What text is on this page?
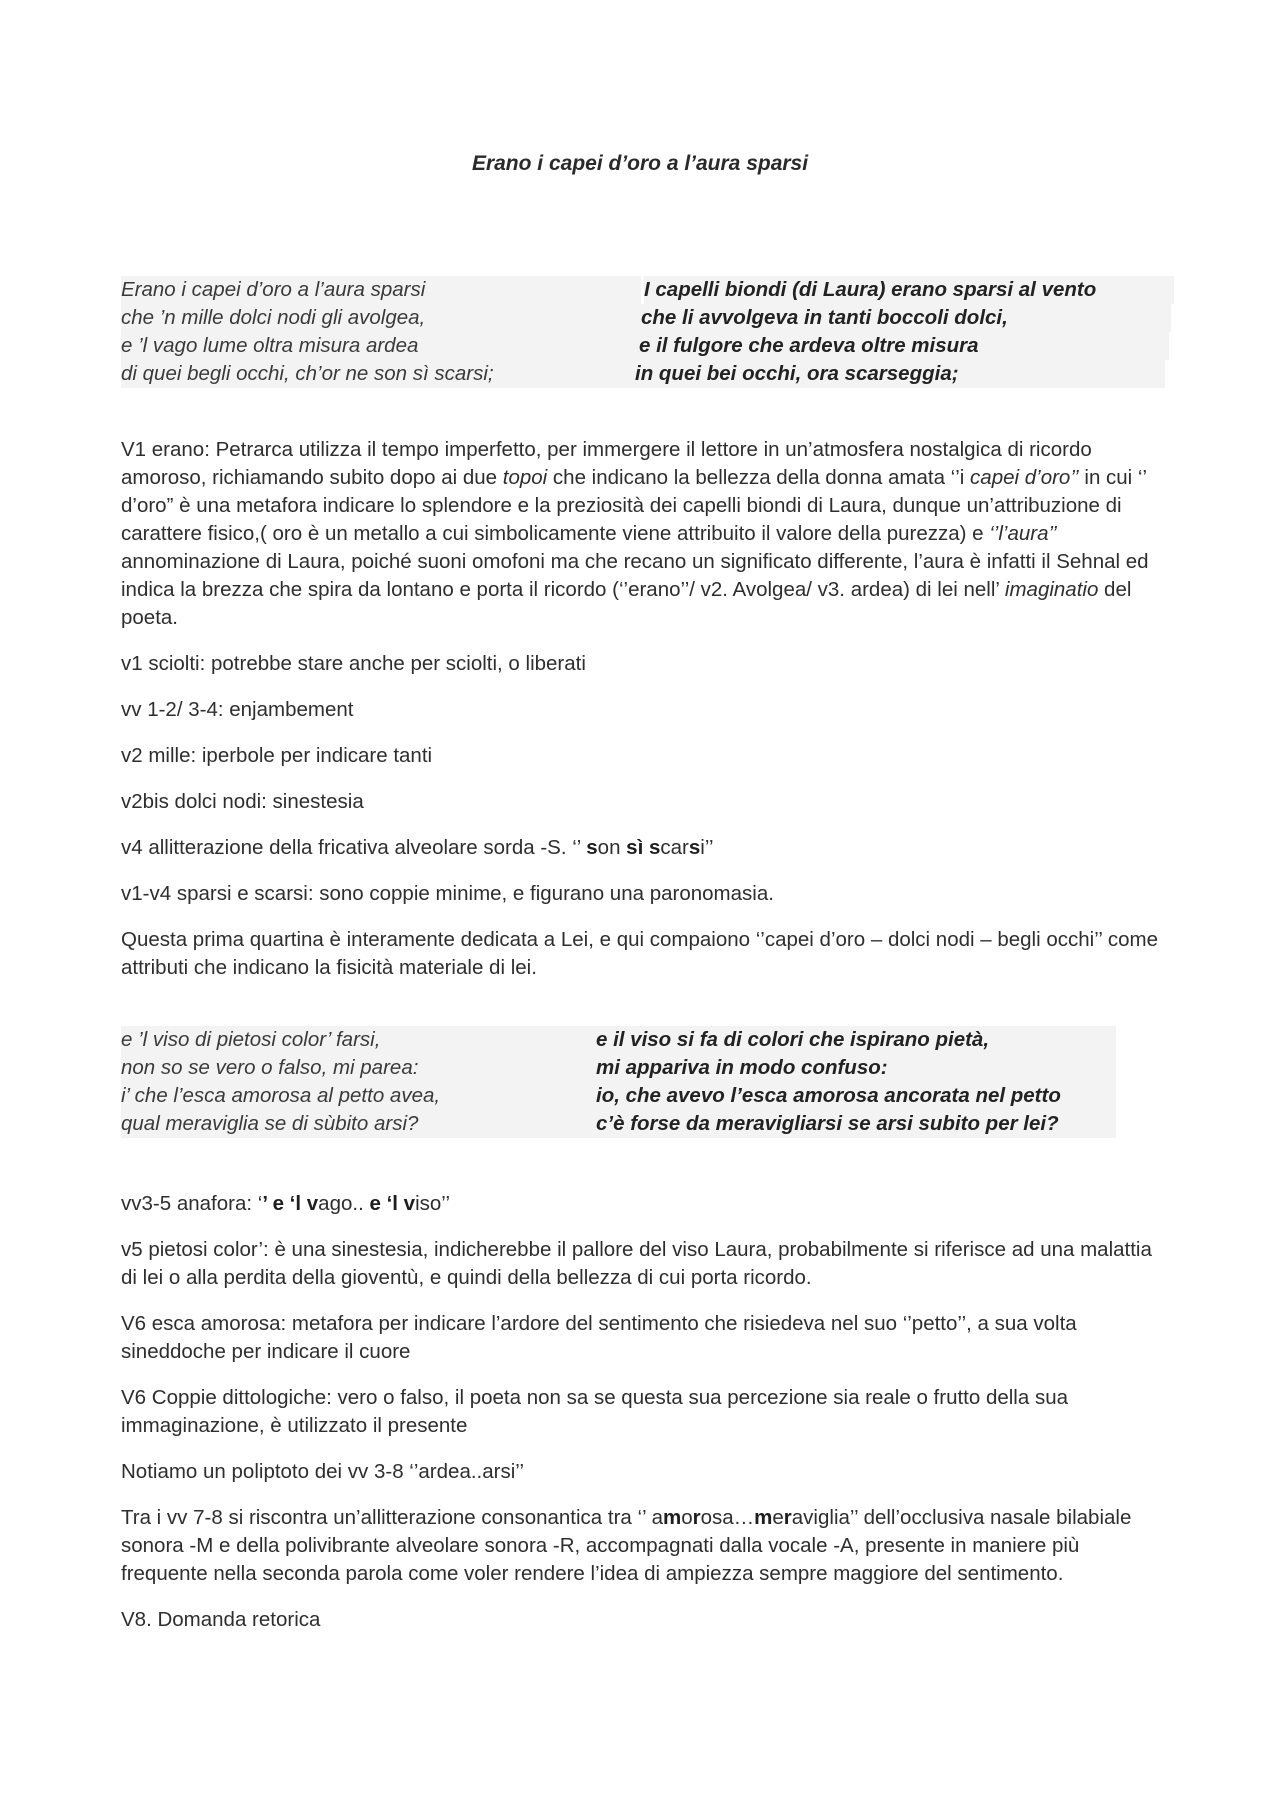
Erano i capei d’oro a l’aura sparsi
Erano i capei d’oro a l’aura sparsi	I capelli biondi (di Laura) erano sparsi al vento
che ’n mille dolci nodi gli avolgea,	che li avvolgeva in tanti boccoli dolci,
e ’l vago lume oltra misura ardea	e il fulgore che ardeva oltre misura
di quei begli occhi, ch’or ne son sì scarsi;	in quei bei occhi, ora scarseggia;

V1 erano: Petrarca utilizza il tempo imperfetto, per immergere il lettore in un’atmosfera nostalgica di ricordo amoroso, richiamando subito dopo ai due topoi che indicano la bellezza della donna amata ‘’i capei d’oro’’ in cui ‘’ d’oro” è una metafora indicare lo splendore e la preziosità dei capelli biondi di Laura, dunque un’attribuzione di carattere fisico,( oro è un metallo a cui simbolicamente viene attribuito il valore della purezza) e ‘’l’aura’’ annominazione di Laura, poiché suoni omofoni ma che recano un significato differente, l’aura è infatti il Sehnal ed indica la brezza che spira da lontano e porta il ricordo (‘’erano’’/ v2. Avolgea/ v3. ardea) di lei nell’ imaginatio del poeta.

v1 sciolti: potrebbe stare anche per sciolti, o liberati

vv 1-2/ 3-4: enjambement

v2 mille: iperbole per indicare tanti

v2bis dolci nodi: sinestesia

v4 allitterazione della fricativa alveolare sorda -S. ‘’ son sì scarsi’’

v1-v4 sparsi e scarsi: sono coppie minime, e figurano una paronomasia.

Questa prima quartina è interamente dedicata a Lei, e qui compaiono ‘’capei d’oro – dolci nodi – begli occhi’’ come attributi che indicano la fisicità materiale di lei.

e ’l viso di pietosi color’ farsi,	e il viso si fa di colori che ispirano pietà,
non so se vero o falso, mi parea:	mi appariva in modo confuso:
i’ che l’esca amorosa al petto avea,	io, che avevo l’esca amorosa ancorata nel petto
qual meraviglia se di sùbito arsi?	c’è forse da meravigliarsi se arsi subito per lei?

vv3-5 anafora: ‘’ e ‘l vago.. e ‘l viso’’

v5 pietosi color’: è una sinestesia, indicherebbe il pallore del viso Laura, probabilmente si riferisce ad una malattia di lei o alla perdita della gioventù, e quindi della bellezza di cui porta ricordo.

V6 esca amorosa: metafora per indicare l’ardore del sentimento che risiedeva nel suo ‘’petto’’, a sua volta sineddoche per indicare il cuore

V6 Coppie dittologiche: vero o falso, il poeta non sa se questa sua percezione sia reale o frutto della sua immaginazione, è utilizzato il presente

Notiamo un poliptoto dei vv 3-8 ‘’ardea..arsi’’

Tra i vv 7-8 si riscontra un’allitterazione consonantica tra ‘’ amorosa…meraviglia’’ dell’occlusiva nasale bilabiale sonora -M e della polivibrante alveolare sonora -R, accompagnati dalla vocale -A, presente in maniere più frequente nella seconda parola come voler rendere l’idea di ampiezza sempre maggiore del sentimento.

V8. Domanda retorica
